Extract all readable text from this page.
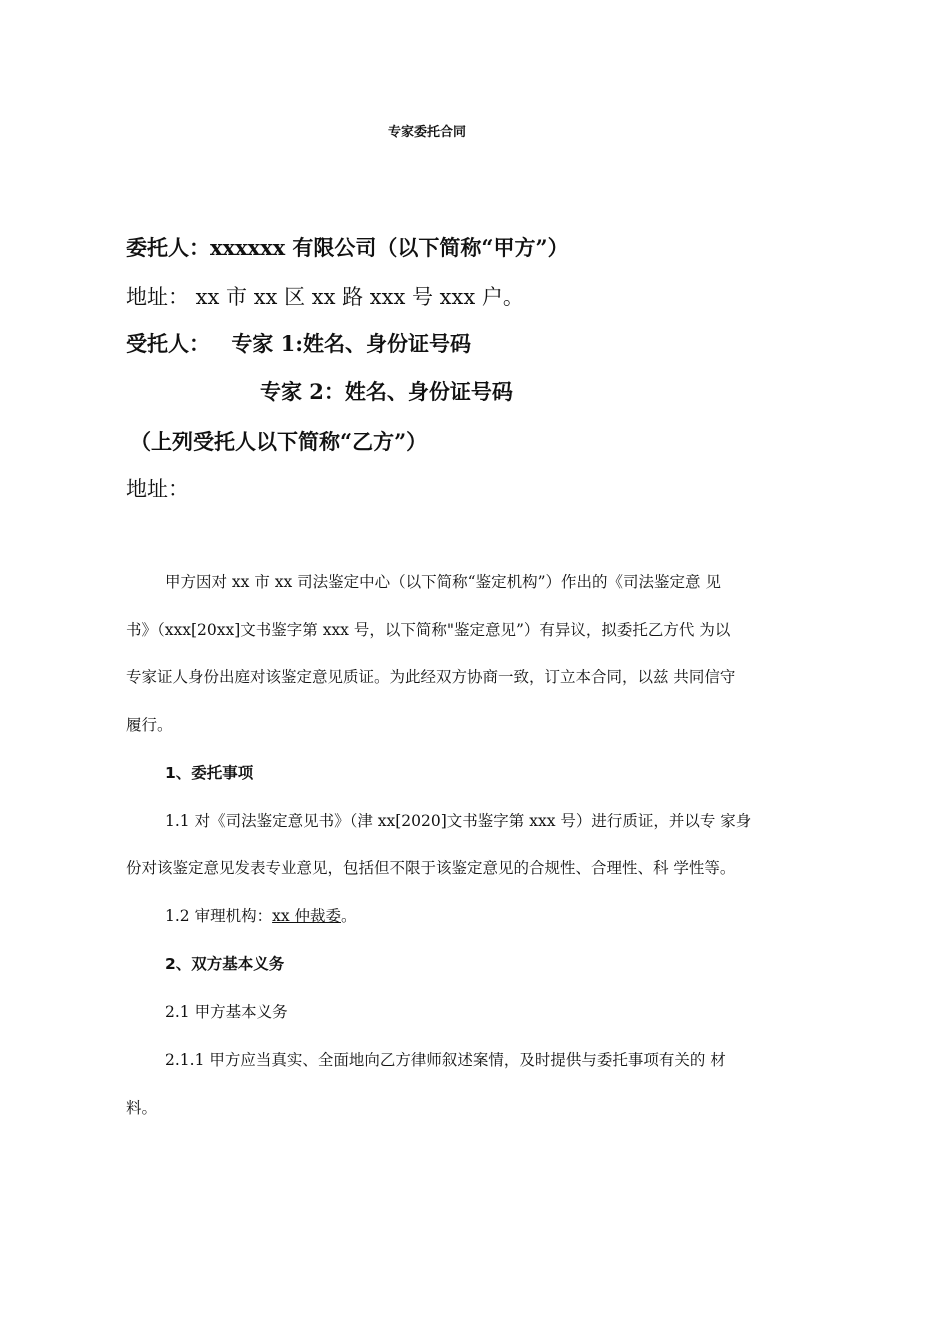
专家委托合同
委托人：xxxxxx 有限公司（以下简称“甲方”）
地址： xx 市 xx 区 xx 路 xxx 号 xxx 户。
受托人： 专家 1:姓名、身份证号码
专家 2：姓名、身份证号码
（上列受托人以下简称“乙方”）
地址：
甲方因对 xx 市 xx 司法鉴定中心（以下简称“鉴定机构”）作出的《司法鉴定意 见
书》（xxx[20xx]文书鉴字第 xxx 号，以下简称"鉴定意见”）有异议，拟委托乙方代 为以
专家证人身份出庭对该鉴定意见质证。为此经双方协商一致，订立本合同，以兹 共同信守
履行。
1、委托事项
1.1 对《司法鉴定意见书》（津 xx[2020]文书鉴字第 xxx 号）进行质证，并以专 家身
份对该鉴定意见发表专业意见，包括但不限于该鉴定意见的合规性、合理性、科 学性等。
1.2 审理机构：xx 仲裁委。
2、双方基本义务
2.1 甲方基本义务
2.1.1 甲方应当真实、全面地向乙方律师叙述案情，及时提供与委托事项有关的 材
料。
